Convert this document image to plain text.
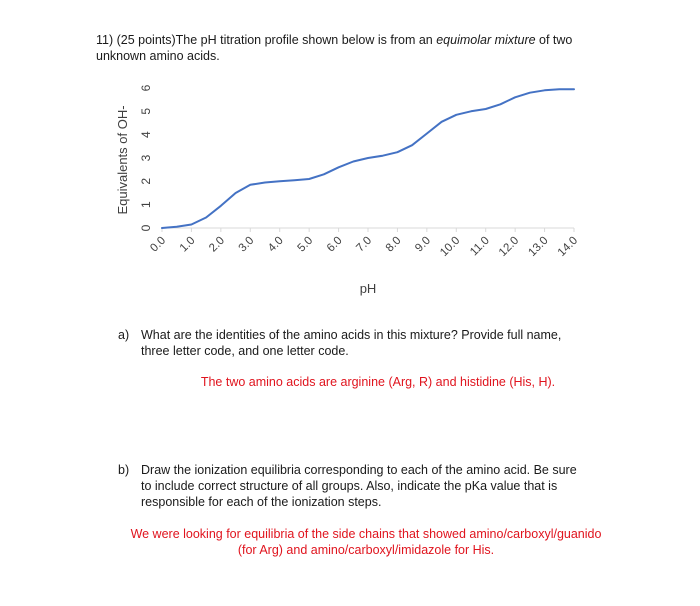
11) (25 points)The pH titration profile shown below is from an equimolar mixture of two unknown amino acids.
0.0 1.0 2.0 3.0 4.0 5.0 6.0 7.0 8.0 9.0 10.0 11.0 12.0 13.0 14.0
0
1
2
3
4
5
6
Equivalents of OH-
pH
a) What are the identities of the amino acids in this mixture? Provide full name,
three letter code, and one letter code.
The two amino acids are arginine (Arg, R) and histidine (His, H).
b) Draw the ionization equilibria corresponding to each of the amino acid. Be sure
to include correct structure of all groups. Also, indicate the pKa value that is
responsible for each of the ionization steps.
We were looking for equilibria of the side chains that showed amino/carboxyl/guanido
(for Arg) and amino/carboxyl/imidazole for His.
